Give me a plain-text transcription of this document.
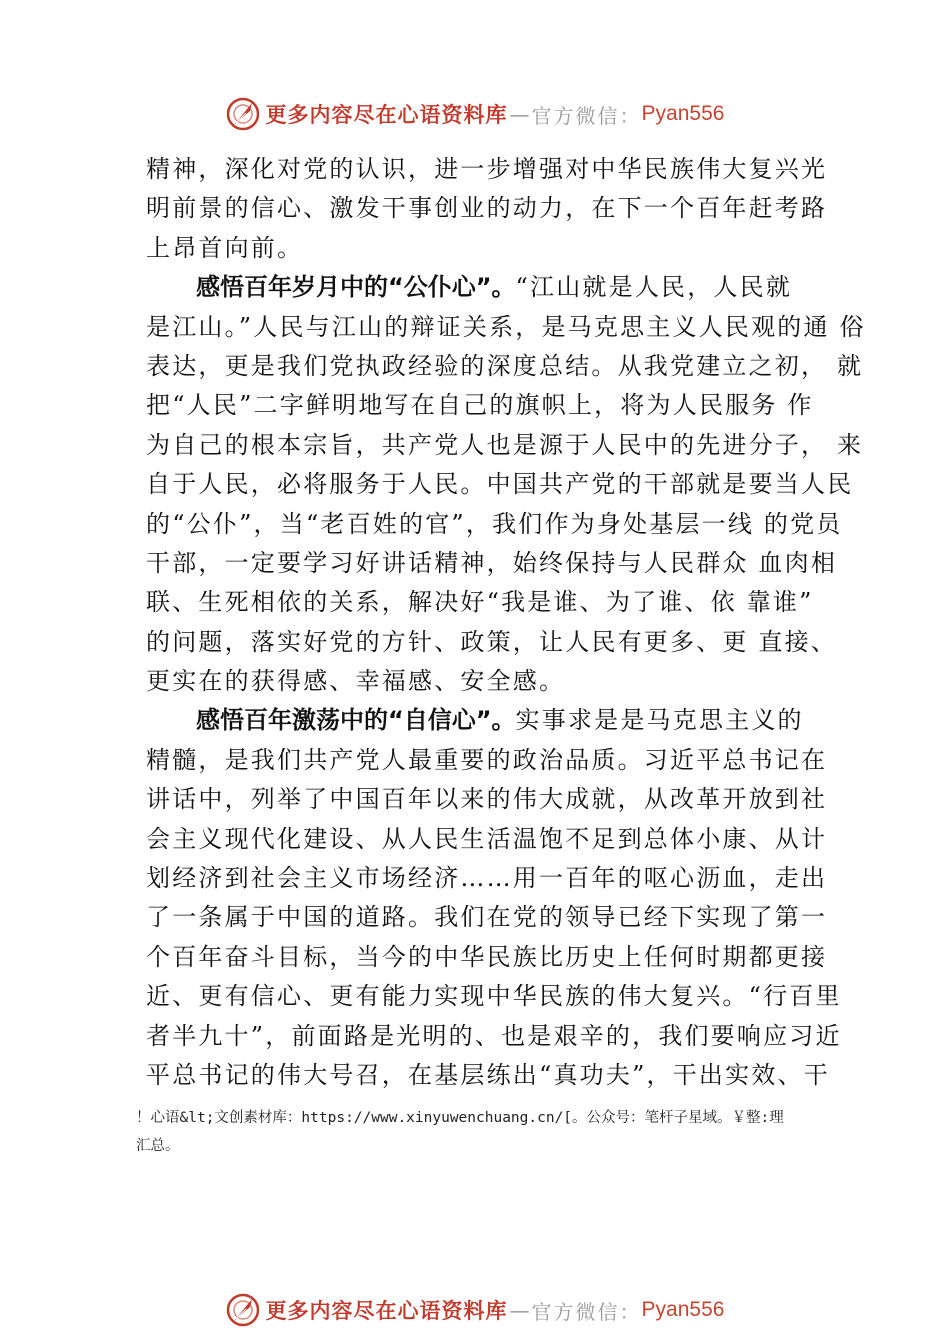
更多内容尽在心语资料库 — 官方微信： Pyan556
精神，深化对党的认识，进一步增强对中华民族伟大复兴光
明前景的信心、激发干事创业的动力，在下一个百年赶考路
上昂首向前。
感悟百年岁月中的“公仆心”。“江山就是人民，人民就
是江山。”人民与江山的辩证关系，是马克思主义人民观的通 俗
表达，更是我们党执政经验的深度总结。从我党建立之初， 就
把“人民”二字鲜明地写在自己的旗帜上，将为人民服务 作
为自己的根本宗旨，共产党人也是源于人民中的先进分子， 来
自于人民，必将服务于人民。中国共产党的干部就是要当人民
的“公仆”，当“老百姓的官”，我们作为身处基层一线 的党员
干部，一定要学习好讲话精神，始终保持与人民群众 血肉相
联、生死相依的关系，解决好“我是谁、为了谁、依 靠谁”
的问题，落实好党的方针、政策，让人民有更多、更 直接、
更实在的获得感、幸福感、安全感。
感悟百年激荡中的“自信心”。实事求是是马克思主义的
精髓，是我们共产党人最重要的政治品质。习近平总书记在
讲话中，列举了中国百年以来的伟大成就，从改革开放到社
会主义现代化建设、从人民生活温饱不足到总体小康、从计
划经济到社会主义市场经济……用一百年的呕心沥血，走出
了一条属于中国的道路。我们在党的领导已经下实现了第一
个百年奋斗目标，当今的中华民族比历史上任何时期都更接
近、更有信心、更有能力实现中华民族的伟大复兴。“行百里
者半九十”，前面路是光明的、也是艰辛的，我们要响应习近
平总书记的伟大号召，在基层练出“真功夫”，干出实效、干
！心语&lt;文创素材库：https://www.xinyuwenchuang.cn/[。公众号：笔杆子星域。￥整:理
汇总。
更多内容尽在心语资料库 — 官方微信： Pyan556
